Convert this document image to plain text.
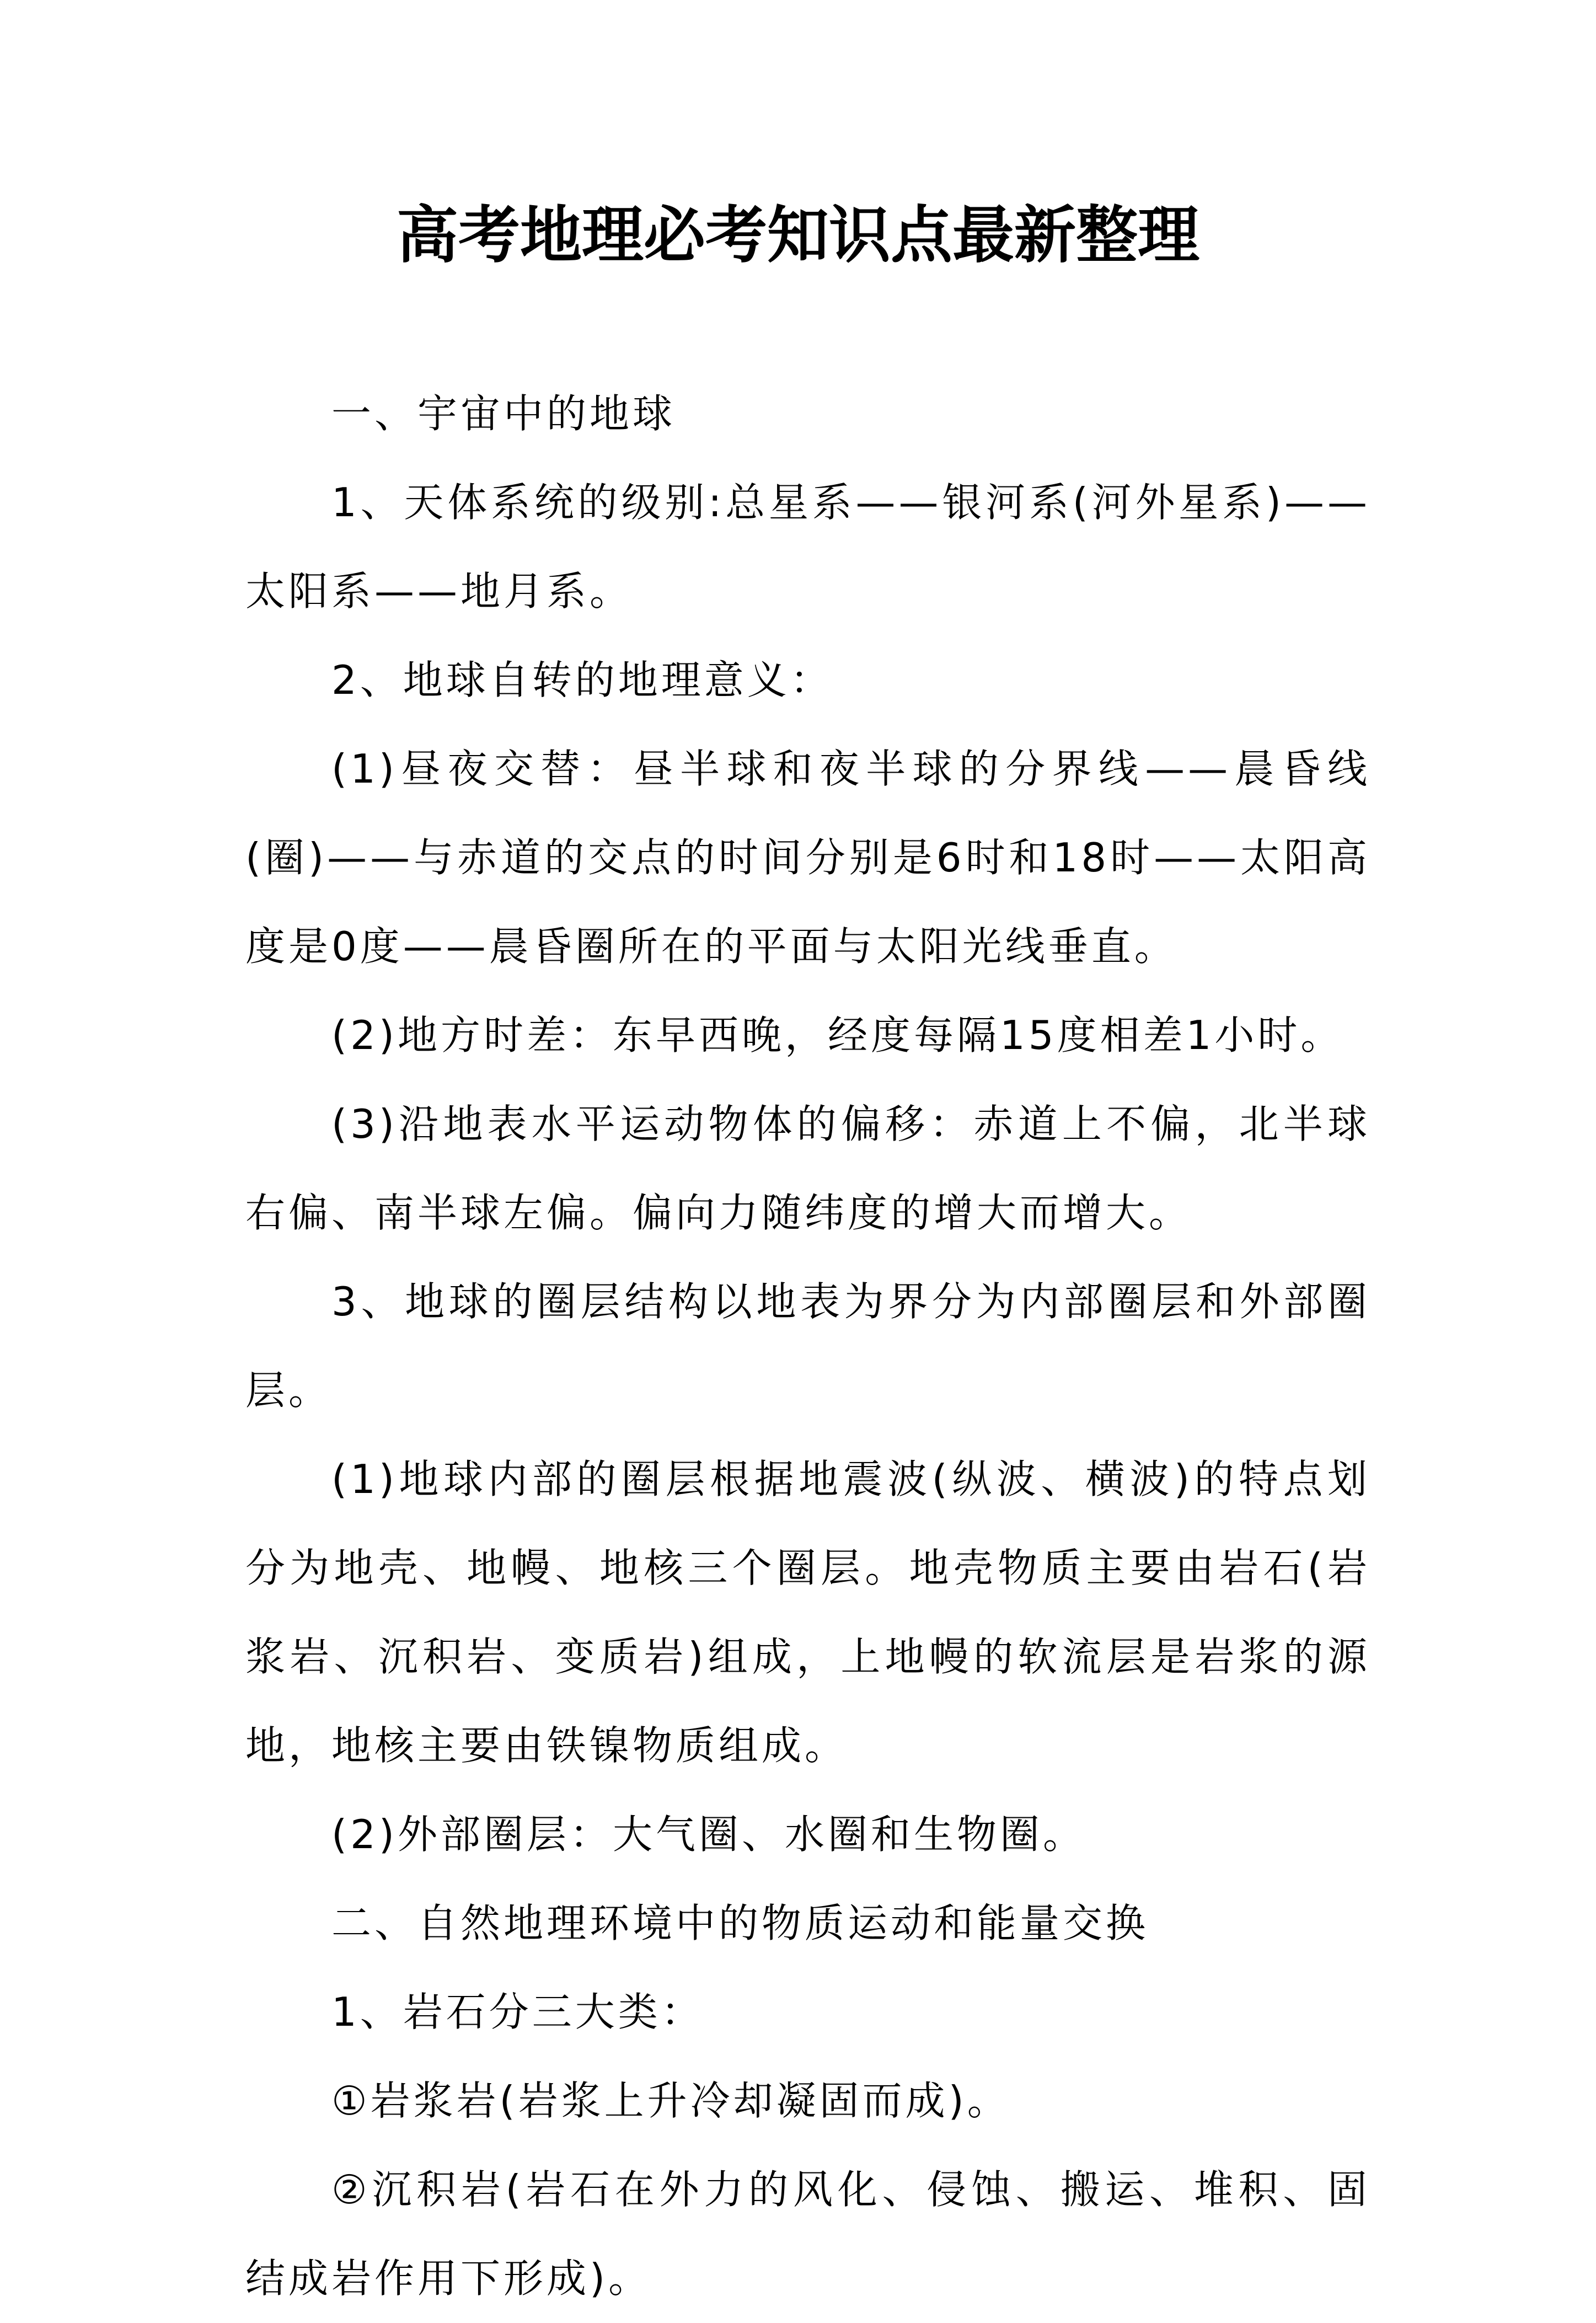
高考地理必考知识点最新整理

一、宇宙中的地球

1、天体系统的级别:总星系——银河系(河外星系)——太阳系——地月系。

2、地球自转的地理意义：

(1)昼夜交替：昼半球和夜半球的分界线——晨昏线(圈)——与赤道的交点的时间分别是6时和18时——太阳高度是0度——晨昏圈所在的平面与太阳光线垂直。

(2)地方时差：东早西晚，经度每隔15度相差1小时。

(3)沿地表水平运动物体的偏移：赤道上不偏，北半球右偏、南半球左偏。偏向力随纬度的增大而增大。

3、地球的圈层结构以地表为界分为内部圈层和外部圈层。

(1)地球内部的圈层根据地震波(纵波、横波)的特点划分为地壳、地幔、地核三个圈层。地壳物质主要由岩石(岩浆岩、沉积岩、变质岩)组成，上地幔的软流层是岩浆的源地，地核主要由铁镍物质组成。

(2)外部圈层：大气圈、水圈和生物圈。

二、自然地理环境中的物质运动和能量交换

1、岩石分三大类：

①岩浆岩(岩浆上升冷却凝固而成)。

②沉积岩(岩石在外力的风化、侵蚀、搬运、堆积、固结成岩作用下形成)。
